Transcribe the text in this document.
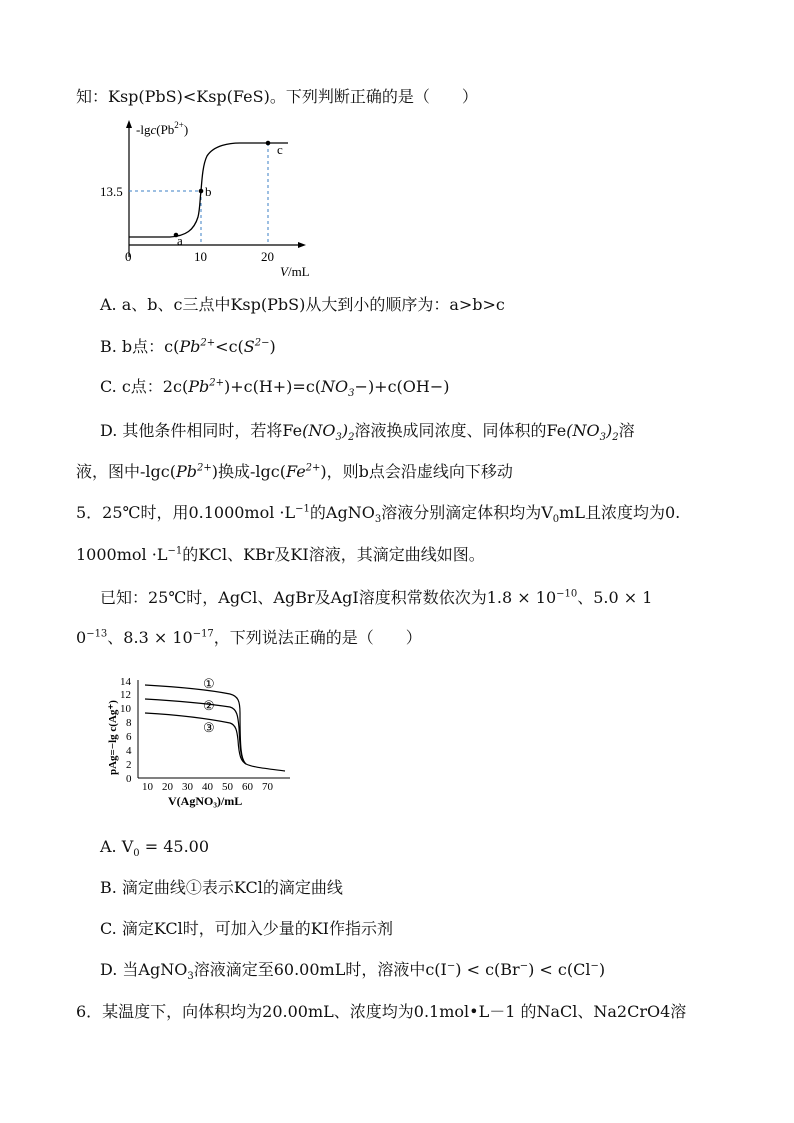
知：Ksp(PbS)<Ksp(FeS)。下列判断正确的是（　　）
$-\lg c(Pb^{2+})$
a
b
c
13.5
0	10	20
V/mL
A. a、b、c三点中Ksp(PbS)从大到小的顺序为：a>b>c
B. b点：$c(Pb^{2+}<c(S^{2-})$
C. c点：$2c(Pb^{2+})+c(H+)=c(NO_3-)+c(OH-)$
D. 其他条件相同时，若将$Fe(NO_3)_2$溶液换成同浓度、同体积的$Fe(NO_3)_2$溶
液，图中$-\lg c(Pb^{2+})$换成$-\lg c(Fe^{2+})$，则b点会沿虚线向下移动
5．25℃时，用$0.1000mol \cdot L^{-1}$的AgNO$_3$溶液分别滴定体积均为$V_0mL$且浓度均为0.
$1000mol \cdot L^{-1}$的KCl、KBr及KI溶液，其滴定曲线如图。
已知：25℃时，AgCl、AgBr及AgI溶度积常数依次为$1.8 \times 10^{-10}$、5.0 × 1
$0^{-13}$、$8.3 \times 10^{-17}$，下列说法正确的是（　　）
pAg=−lg c(Ag⁺)
0
2
4
6
8
10
12
14
10 20 30 40 50 60 70
V(AgNO₃)/mL
①
②
③
A. $V_0 = 45.00$
B. 滴定曲线①表示KCl的滴定曲线
C. 滴定KCl时，可加入少量的KI作指示剂
D. 当AgNO$_3$溶液滴定至60.00mL时，溶液中c(I−) < c(Br−) < c(Cl−)
6．某温度下，向体积均为20.00mL、浓度均为0.1mol•L－1 的NaCl、Na2CrO4溶
